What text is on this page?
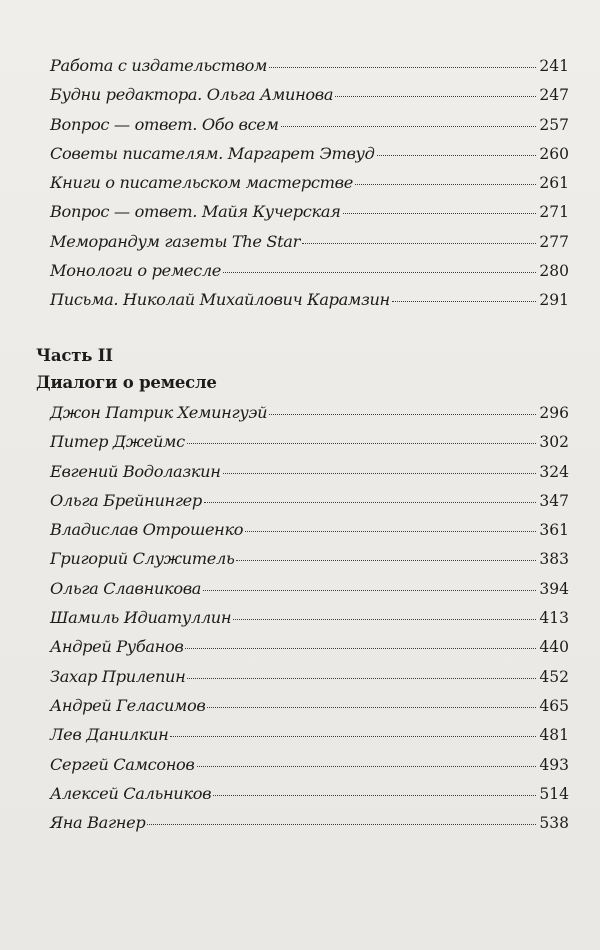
Работа с издательством	241
Будни редактора. Ольга Аминова	247
Вопрос — ответ. Обо всем	257
Советы писателям. Маргарет Этвуд	260
Книги о писательском мастерстве	261
Вопрос — ответ. Майя Кучерская	271
Меморандум газеты The Star	277
Монологи о ремесле	280
Письма. Николай Михайлович Карамзин	291
Часть II
Диалоги о ремесле
Джон Патрик Хемингуэй	296
Питер Джеймс	302
Евгений Водолазкин	324
Ольга Брейнингер	347
Владислав Отрошенко	361
Григорий Служитель	383
Ольга Славникова	394
Шамиль Идиатуллин	413
Андрей Рубанов	440
Захар Прилепин	452
Андрей Геласимов	465
Лев Данилкин	481
Сергей Самсонов	493
Алексей Сальников	514
Яна Вагнер	538
